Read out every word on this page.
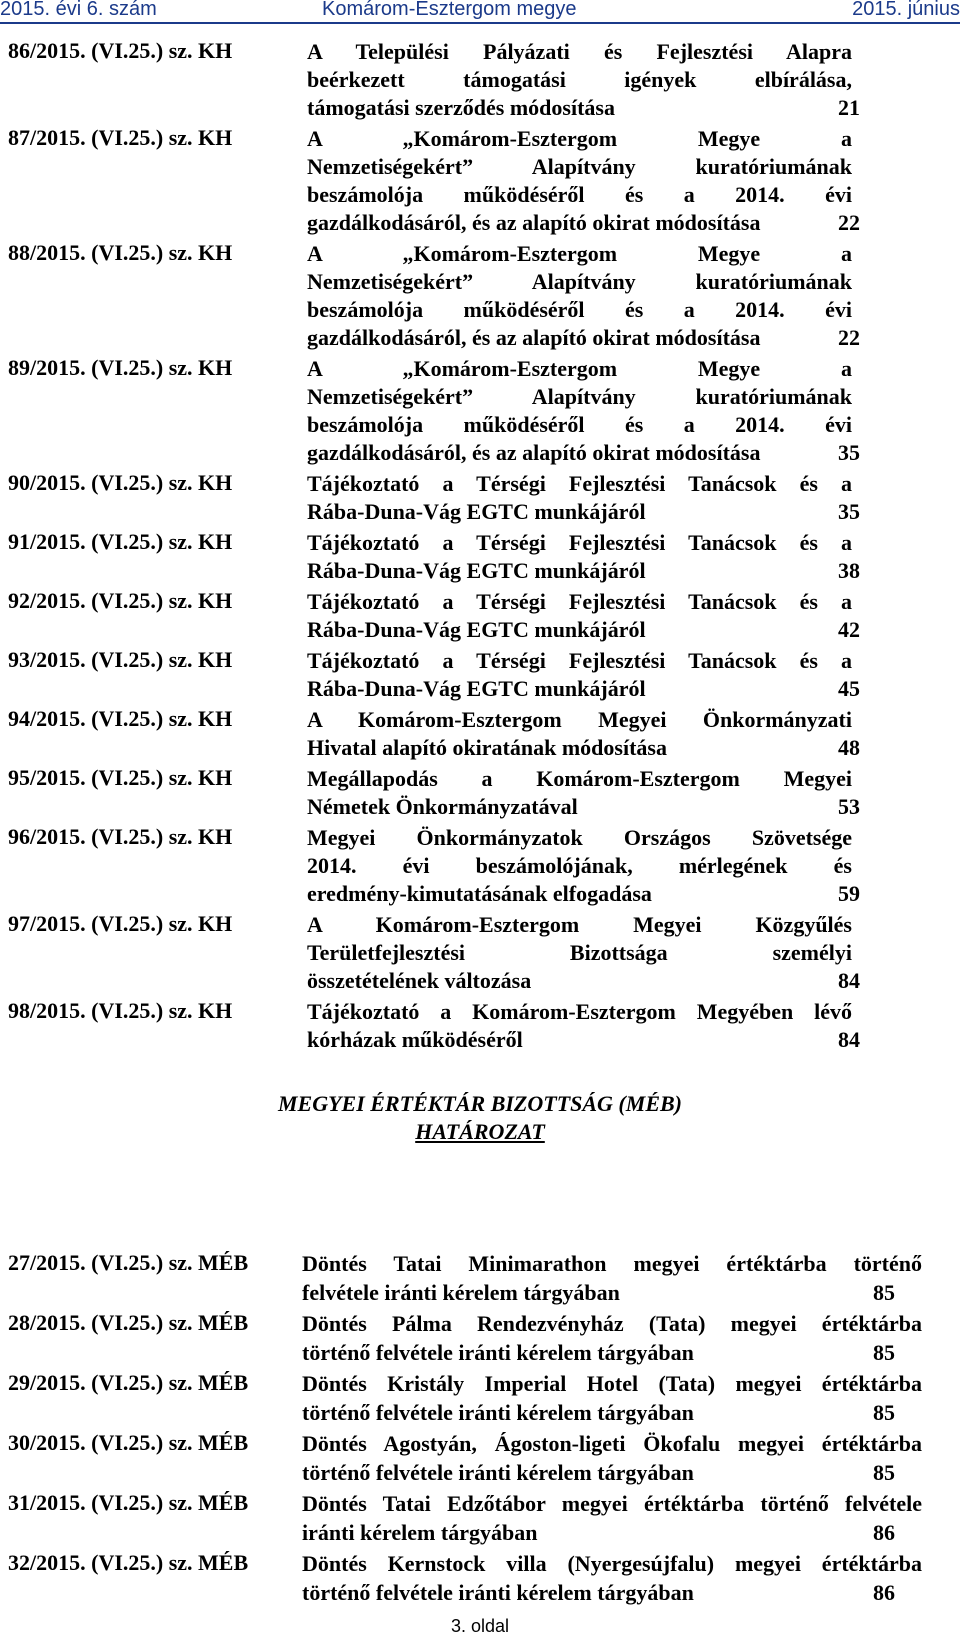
2015. évi 6. szám	Komárom-Esztergom megye	2015. június
86/2015. (VI.25.) sz. KH	A Települési Pályázati és Fejlesztési Alapra
beérkezett támogatási igények elbírálása,
támogatási szerződés módosítása	21
87/2015. (VI.25.) sz. KH	A „Komárom-Esztergom Megye a
Nemzetiségekért” Alapítvány kuratóriumának
beszámolója működéséről és a 2014. évi
gazdálkodásáról, és az alapító okirat módosítása	22
88/2015. (VI.25.) sz. KH	A „Komárom-Esztergom Megye a
Nemzetiségekért” Alapítvány kuratóriumának
beszámolója működéséről és a 2014. évi
gazdálkodásáról, és az alapító okirat módosítása	22
89/2015. (VI.25.) sz. KH	A „Komárom-Esztergom Megye a
Nemzetiségekért” Alapítvány kuratóriumának
beszámolója működéséről és a 2014. évi
gazdálkodásáról, és az alapító okirat módosítása	35
90/2015. (VI.25.) sz. KH	Tájékoztató a Térségi Fejlesztési Tanácsok és a
Rába-Duna-Vág EGTC munkájáról	35
91/2015. (VI.25.) sz. KH	Tájékoztató a Térségi Fejlesztési Tanácsok és a
Rába-Duna-Vág EGTC munkájáról	38
92/2015. (VI.25.) sz. KH	Tájékoztató a Térségi Fejlesztési Tanácsok és a
Rába-Duna-Vág EGTC munkájáról	42
93/2015. (VI.25.) sz. KH	Tájékoztató a Térségi Fejlesztési Tanácsok és a
Rába-Duna-Vág EGTC munkájáról	45
94/2015. (VI.25.) sz. KH	A Komárom-Esztergom Megyei Önkormányzati
Hivatal alapító okiratának módosítása	48
95/2015. (VI.25.) sz. KH	Megállapodás a Komárom-Esztergom Megyei
Németek Önkormányzatával	53
96/2015. (VI.25.) sz. KH	Megyei Önkormányzatok Országos Szövetsége
2014. évi beszámolójának, mérlegének és
eredmény-kimutatásának elfogadása	59
97/2015. (VI.25.) sz. KH	A Komárom-Esztergom Megyei Közgyűlés
Területfejlesztési Bizottsága személyi
összetételének változása	84
98/2015. (VI.25.) sz. KH	Tájékoztató a Komárom-Esztergom Megyében lévő
kórházak működéséről	84
MEGYEI ÉRTÉKTÁR BIZOTTSÁG (MÉB)
HATÁROZAT
27/2015. (VI.25.) sz. MÉB Döntés Tatai Minimarathon megyei értéktárba történő
felvétele iránti kérelem tárgyában	85
28/2015. (VI.25.) sz. MÉB Döntés Pálma Rendezvényház (Tata) megyei értéktárba
történő felvétele iránti kérelem tárgyában	85
29/2015. (VI.25.) sz. MÉB Döntés Kristály Imperial Hotel (Tata) megyei értéktárba
történő felvétele iránti kérelem tárgyában	85
30/2015. (VI.25.) sz. MÉB Döntés Agostyán, Ágoston-ligeti Ökofalu megyei értéktárba
történő felvétele iránti kérelem tárgyában	85
31/2015. (VI.25.) sz. MÉB Döntés Tatai Edzőtábor megyei értéktárba történő felvétele
iránti kérelem tárgyában	86
32/2015. (VI.25.) sz. MÉB Döntés Kernstock villa (Nyergesújfalu) megyei értéktárba
történő felvétele iránti kérelem tárgyában	86
3. oldal
